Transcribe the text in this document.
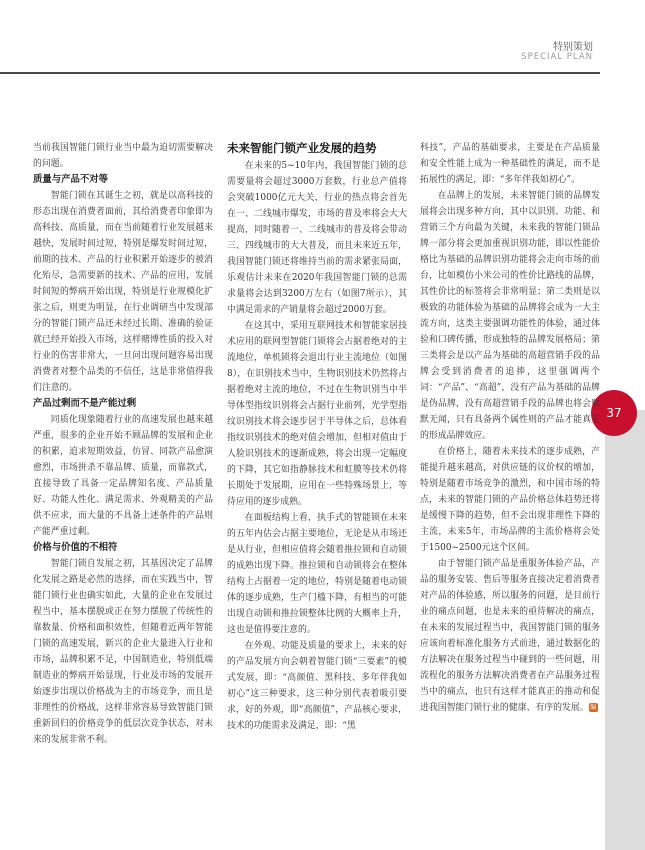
特别策划
SPECIAL PLAN
37

当前我国智能门锁行业当中最为迫切需要解决的问题。

质量与产品不对等

智能门锁在其诞生之初，就是以高科技的形态出现在消费者面前，其给消费者印象即为高科技、高质量，而在当前随着行业发展越来越快，发展时间过短，特别是爆发时间过短，前期的技术、产品的行业积累开始逐步的被消化殆尽，急需要新的技术、产品的应用，发展时间短的弊病开始出现，特别是行业规模化扩张之后，则更为明显，在行业调研当中发现部分的智能门锁产品还未经过长期、准确的验证就已经开始投入市场，这样赌博性质的投入对行业的伤害非常大，一旦问出现问题容易出现消费者对整个品类的不信任，这是非常值得我们注意的。

产品过剩而不是产能过剩

同质化现象随着行业的高速发展也越来越严重，很多的企业开始不顾品牌的发展和企业的积累，追求短期效益，仿冒、同款产品愈演愈烈，市场拼杀不靠品牌、质量，而靠款式，直接导致了具备一定品牌知名度、产品质量好、功能人性化、满足需求、外观精美的产品供不应求，而大量的不具备上述条件的产品则产能严重过剩。

价格与价值的不相符

智能门锁自发展之初，其基因决定了品牌化发展之路是必然的选择，而在实践当中，智能门锁行业也确实如此，大量的企业在发展过程当中，基本摆脱或正在努力摆脱了传统性的靠数量、价格和面积效性，但随着近两年智能门锁的高速发展，新兴的企业大量进入行业和市场，品牌积累不足，中国制造业，特别低端制造业的弊病开始显现，行业及市场的发展开始逐步出现以价格战为主的市场竞争，而且是非理性的价格战，这样非常容易导致智能门锁重新回归的价格竞争的低层次竞争状态，对未来的发展非常不利。

未来智能门锁产业发展的趋势

在未来的5~10年内，我国智能门锁的总需要量将会超过3000万套数，行业总产值将会突破1000亿元大关，行业的热点将会首先在一、二线城市爆发，市场的普及率将会大大提高，同时随着一、二线城市的普及将会带动三、四线城市的大大普及，而且未来近五年，我国智能门锁还将维持当前的需求紧张局面，乐观估计未来在2020年我国智能门锁的总需求量将会达到3200万左右（如图7所示），其中满足需求的产销量将会超过2000万套。

在这其中，采用互联网技术和智能家居技术应用的联网型智能门锁将会占据着绝对的主流地位，单机锁将会退出行业主流地位（如图8），在识别技术当中，生物识别技术仍然将占据着绝对主流的地位，不过在生物识别当中半导体型指纹识别将会占据行业前列，光学型指纹识别技术将会逐步居于半导体之后，总体看指纹识别技术的绝对值会增加，但相对值由于人脸识别技术的逐渐成熟，将会出现一定幅度的下降，其它如指静脉技术和虹膜等技术仍将长期处于发展期，应用在一些特殊场景上，等待应用的逐步成熟。

在面板结构上看，执手式的智能锁在未来的五年内估会占据主要地位，无论是从市场还是从行业，但相应值将会随着推拉锁和自动锁的成熟出现下降。推拉锁和自动锁将会在整体结构上占据着一定的地位，特别是随着电动锁体的逐步成熟，生产门槛下降，有相当的可能出现自动锁和推拉锁整体比例的大概率上升，这也是值得要注意的。

在外观、功能及质量的要求上，未来的好的产品发展方向会朝着智能门锁“三要素”的模式发展，即：“高颜值、黑科技、多年伴我如初心”这三种要求，这三种分别代表着吸引要求，好的外观，即“高颜值”，产品核心要求，技术的功能需求及满足，即：“黑

科技”，产品的基础要求，主要是在产品质量和安全性能上成为一种基础性的满足，而不是拓展性的满足，即：“多年伴我如初心”。

在品牌上的发展，未来智能门锁的品牌发展将会出现多种方向，其中以识别、功能、和营销三个方向最为关键，未来我的智能门锁品牌一部分将会更加重视识别功能，即以性能价格比为基础的品牌识别功能将会走向市场的前台，比如模仿小米公司的性价比路线的品牌，其性价比的标签将会非常明显；第二类则是以极致的功能体验为基础的品牌将会成为一大主流方向，这类主要强调功能性的体验，通过体验和口碑传播，形成独特的品牌发展格局；第三类将会是以产品为基础的高超营销手段的品牌会受到消费者的追捧，这里强调两个词：“产品”、“高超”，没有产品为基础的品牌是伪品牌，没有高超营销手段的品牌也将会败默无闻，只有具备两个属性则的产品才能真正的形成品牌效应。

在价格上，随着未来技术的逐步成熟，产能提升越来越高，对供应链的议价权的增加，特别是随着市场竞争的激烈，和中国市场的特点，未来的智能门锁的产品价格总体趋势还将是缓慢下降的趋势，但不会出现非理性下降的主流，未来5年，市场品牌的主流价格将会处于1500~2500元这个区间。

由于智能门锁产品是重服务体验产品，产品的服务安装、售后等服务直接决定着消费者对产品的体验感，所以服务的问题，是目前行业的痛点问题，也是未来的亟待解决的痛点，在未来的发展过程当中，我国智能门锁的服务应该向着标准化服务方式前进，通过数据化的方法解决在服务过程当中碰到的一些问题，用流程化的服务方法解决消费者在产品服务过程当中的痛点，也只有这样才能真正的推动和促进我国智能门锁行业的健康、有序的发展。编
